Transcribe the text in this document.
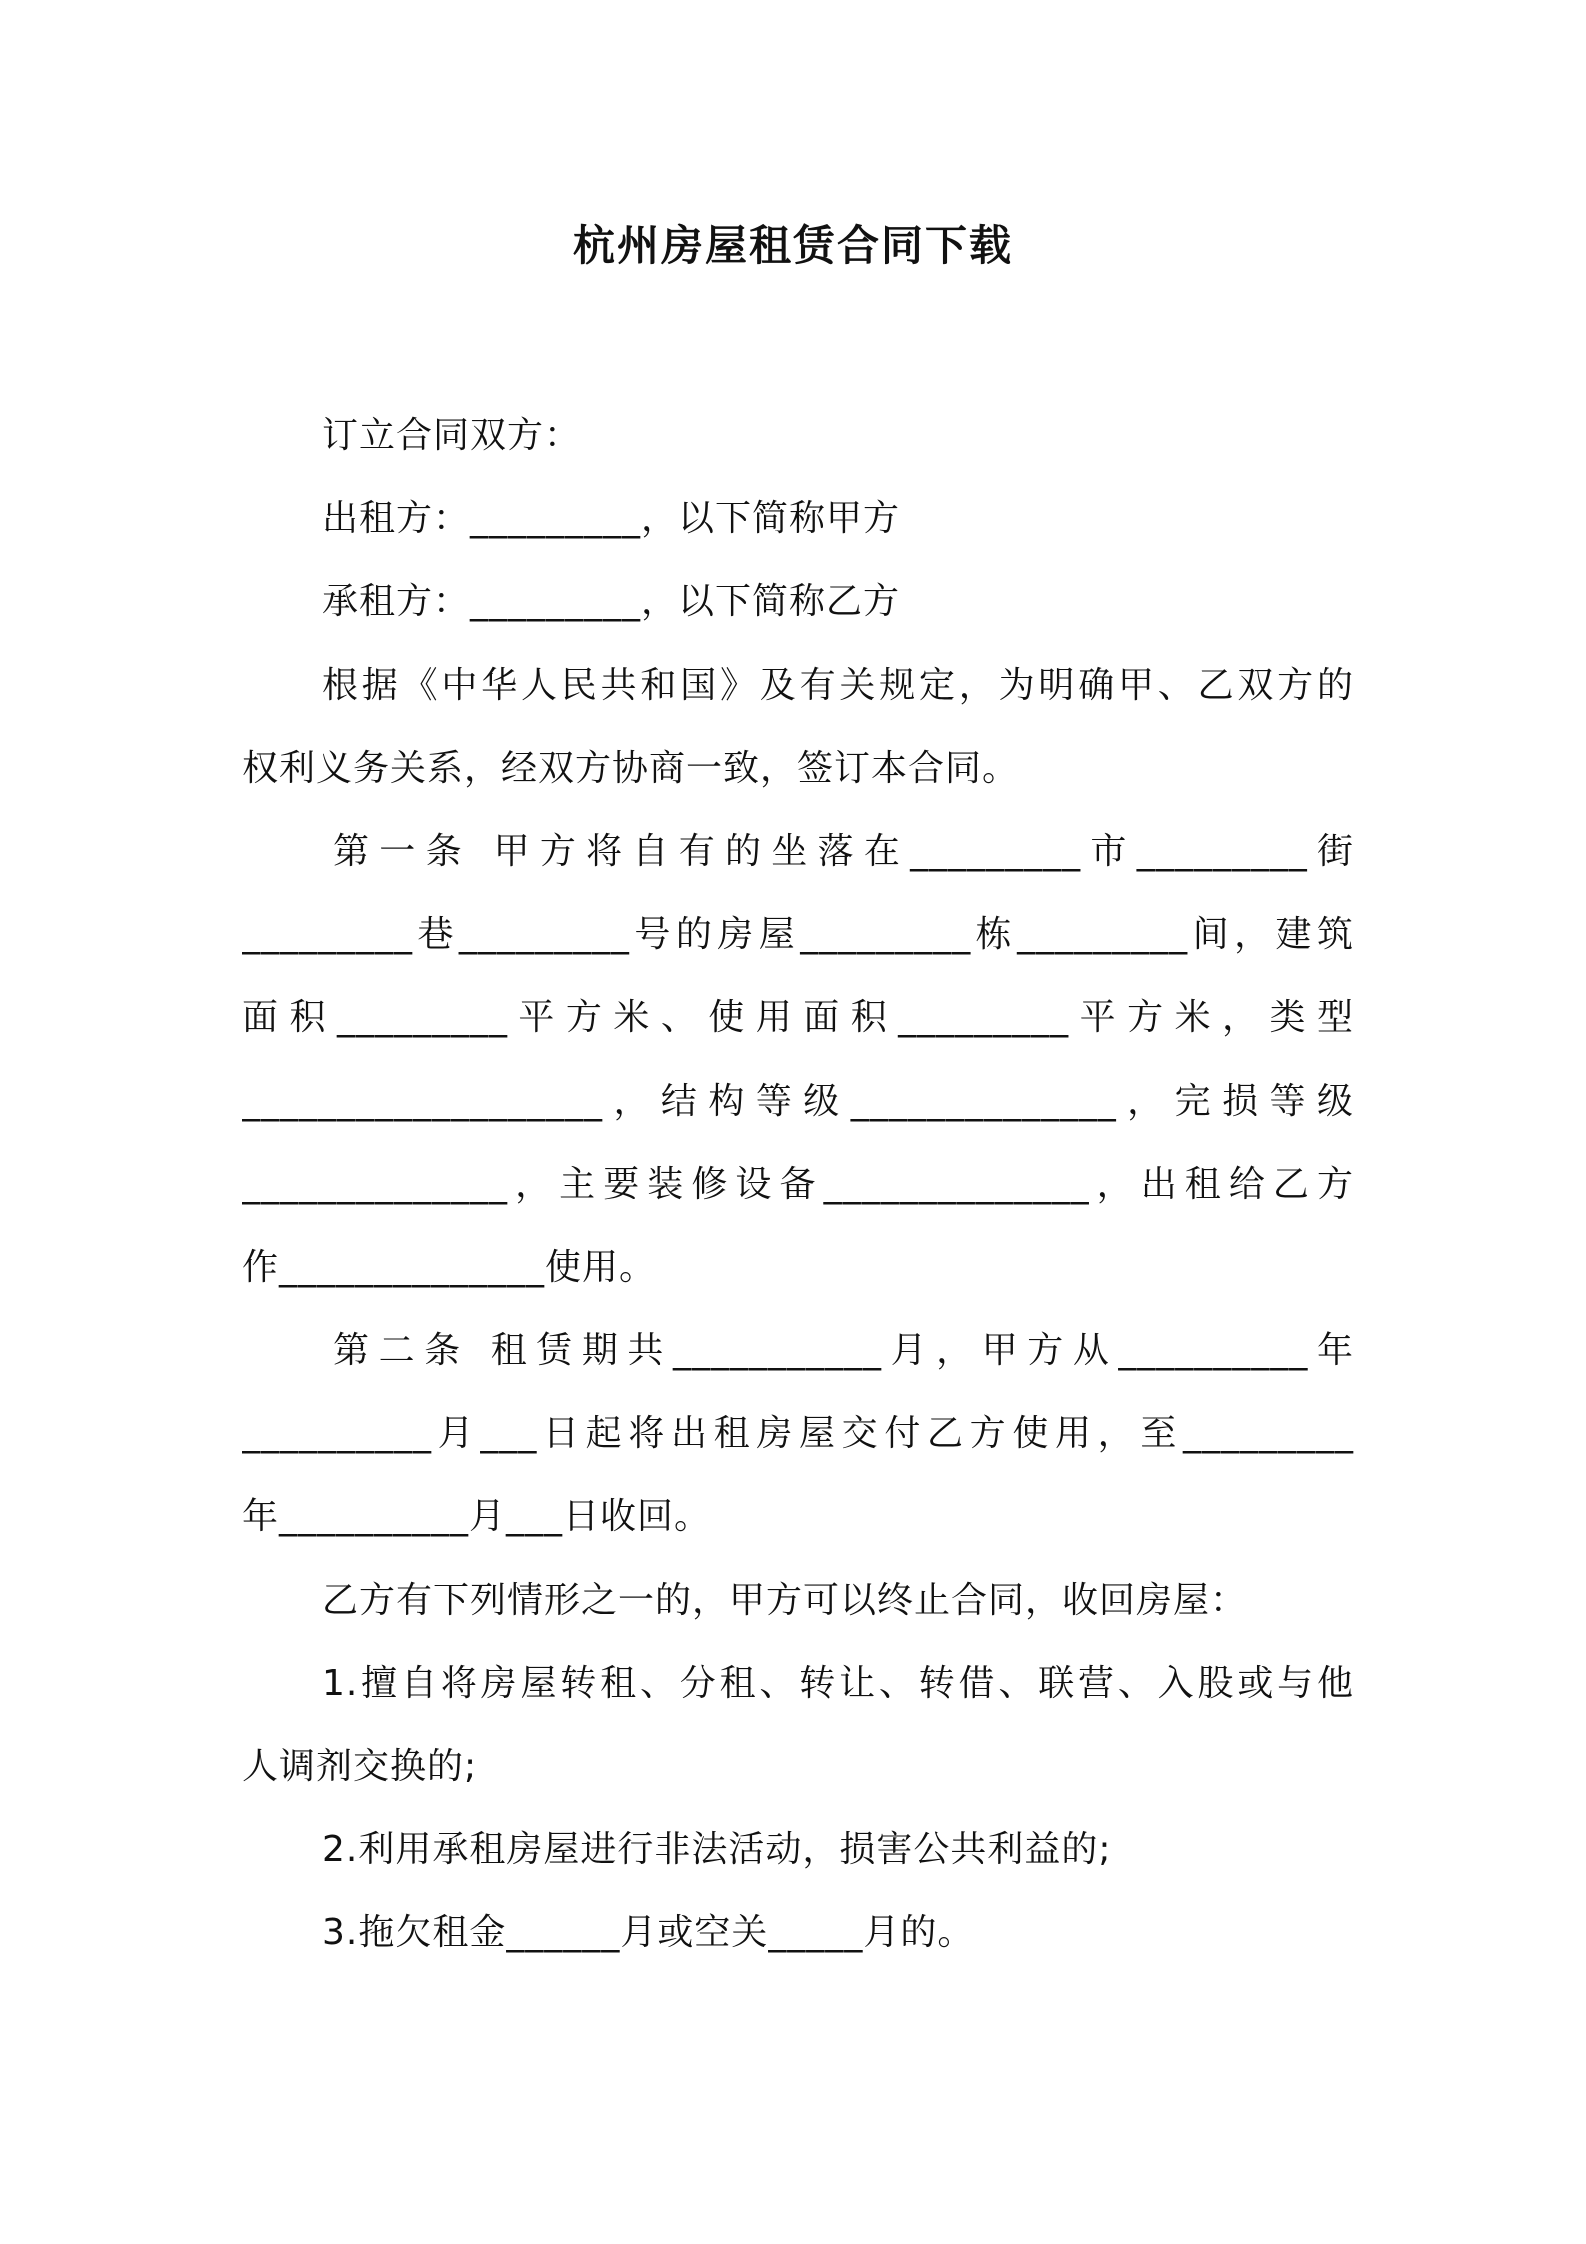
杭州房屋租赁合同下载
订立合同双方：
出租方：_________，以下简称甲方
承租方：_________，以下简称乙方
根据《中华人民共和国》及有关规定，为明确甲、乙双方的
权利义务关系，经双方协商一致，签订本合同。
第一条 甲方将自有的坐落在_________市_________街
_________巷_________号的房屋_________栋_________间，建筑
面积_________平方米、使用面积_________平方米，类型
___________________，结构等级______________，完损等级
______________，主要装修设备______________，出租给乙方
作______________使用。
第二条 租赁期共___________月，甲方从__________年
__________月___日起将出租房屋交付乙方使用，至_________
年__________月___日收回。
乙方有下列情形之一的，甲方可以终止合同，收回房屋：
1.擅自将房屋转租、分租、转让、转借、联营、入股或与他
人调剂交换的;
2.利用承租房屋进行非法活动，损害公共利益的;
3.拖欠租金______月或空关_____月的。
